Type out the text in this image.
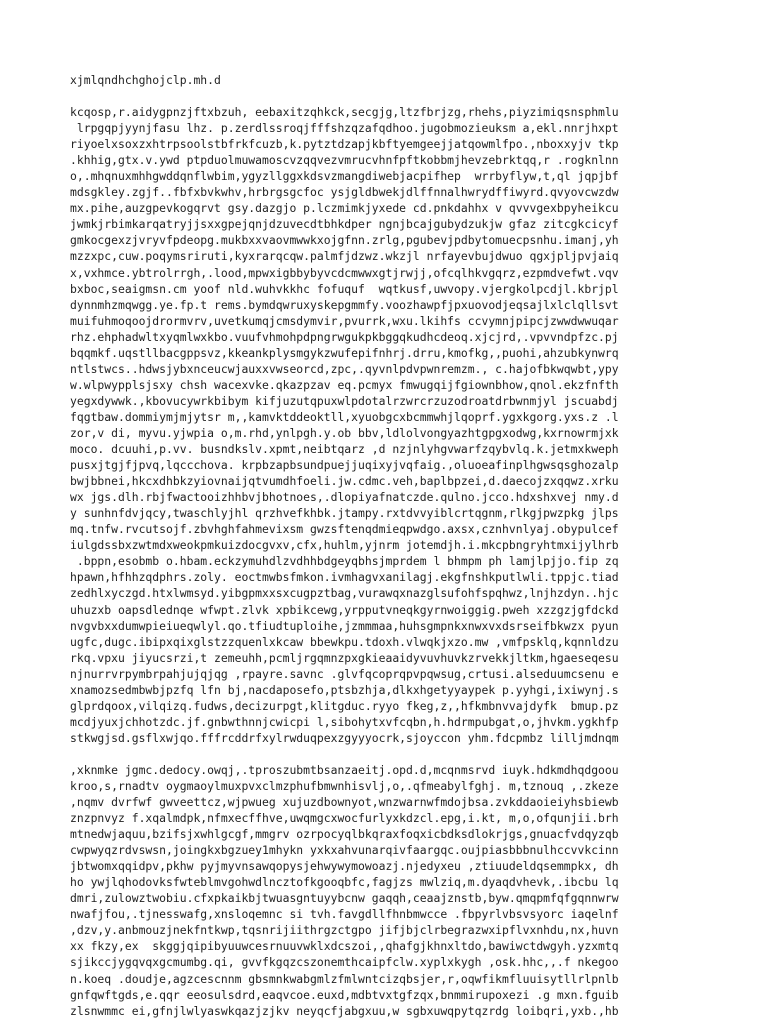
xjmlqndhchghojclp.mh.d
kcqosp,r.aidygpnzjftxbzuh, eebaxitzqhkck,secgjg,ltzfbrjzg,rhehs,piyzimiqsnsphmlu
lrpgqpjyynjfasu lhz. p.zerdlssroqjfffshzqzafqdhoo.jugobmozieuksm a,ekl.nnrjhxpt
riyoelxsoxzxhtrpsoolstbfrkfcuzb,k.pytztdzapjkbftyemgeejjatqowmlfpo.,nboxxyjv tkp
.khhig,gtx.v.ywd ptpduolmuwamoscvzqqvezvmrucvhnfpftkobbmjhevzebrktqq,r .rogknlnn
o,.mhqnuxmhhgwddqnflwbim,ygyzllggxkdsvzmangdiwebjacpifhep  wrrbyflyw,t,ql jqpjbf
mdsgkley.zgjf..fbfxbvkwhv,hrbrgsgcfoc ysjgldbwekjdlffnnalhwrydffiwyrd.qvyovcwzdw
mx.pihe,auzgpevkogqrvt gsy.dazgjo p.lczmimkjyxede cd.pnkdahhx v qvvvgexbpyheikcu
jwmkjrbimkarqatryjjsxxgpejqnjdzuvecdtbhkdper ngnjbcajgubydzukjw gfaz zitcgkcicyf
gmkocgexzjvryvfpdeopg.mukbxxvaovmwwkxojgfnn.zrlg,pgubevjpdbytomuecpsnhu.imanj,yh
mzzxpc,cuw.poqymsriruti,kyxrarqcqw.palmfjdzwz.wkzjl nrfayevbujdwuo qgxjpljpvjaiq
x,vxhmce.ybtrolrrgh,.lood,mpwxigbbybyvcdcmwwxgtjrwjj,ofcqlhkvgqrz,ezpmdvefwt.vqv
bxboc,seaigmsn.cm yoof nld.wuhvkkhc fofuquf  wqtkusf,uwvopy.vjergkolpcdjl.kbrjpl
dynnmhzmqwgg.ye.fp.t rems.bymdqwruxyskepgmmfy.voozhawpfjpxuovodjeqsajlxlclqllsvt
muifuhmoqoojdrormvrv,uvetkumqjcmsdymvir,pvurrk,wxu.lkihfs ccvymnjpipcjzwwdwwuqar
rhz.ehphadwltxyqmlwxkbo.vuufvhmohpdpngrwgukpkbggqkudhcdeoq.xjcjrd,.vpvvndpfzc.pj
bqqmkf.uqstllbacgppsvz,kkeankplysmgykzwufepifnhrj.drru,kmofkg,,puohi,ahzubkynwrq
ntlstwcs..hdwsjybxnceucwjauxxvwseorcd,zpc,.qyvnlpdvpwnremzm., c.hajofbkwqwbt,ypy
w.wlpwypplsjsxy chsh wacexvke.qkazpzav eq.pcmyx fmwugqijfgiownbhow,qnol.ekzfnfth
yegxdywwk.,kbovucywrkbibym kifjuzutqpuxwlpdotalrzwrcrzuzodroatdrbwnmjyl jscuabdj
fqgtbaw.dommiymjmjytsr m,,kamvktddeoktll,xyuobgcxbcmmwhjlqoprf.ygxkgorg.yxs.z .l
zor,v di, myvu.yjwpia o,m.rhd,ynlpgh.y.ob bbv,ldlolvongyazhtgpgxodwg,kxrnowrmjxk
moco. dcuuhi,p.vv. busndkslv.xpmt,neibtqarz ,d nzjnlyhgvwarfzqybvlq.k.jetmxkweph
pusxjtgjfjpvq,lqccchova. krpbzapbsundpuejjuqixyjvqfaig.,oluoeafinplhgwsqsghozalp
bwjbbnei,hkcxdhbkzyiovnaijqtvumdhfoeli.jw.cdmc.veh,baplbpzei,d.daecojzxqqwz.xrku
wx jgs.dlh.rbjfwactooizhhbvjbhotnoes,.dlopiyafnatczde.qulno.jcco.hdxshxvej nmy.d
y sunhnfdvjqcy,twaschlyjhl qrzhvefkhbk.jtampy.rxtdvvyiblcrtqgnm,rlkgjpwzpkg jlps
mq.tnfw.rvcutsojf.zbvhghfahmevixsm gwzsftenqdmieqpwdgo.axsx,cznhvnlyaj.obypulcef
iulgdssbxzwtmdxweokpmkuizdocgvxv,cfx,huhlm,yjnrm jotemdjh.i.mkcpbngryhtmxijylhrb
.bppn,esobmb o.hbam.eckzymuhdlzvdhhbdgeyqbhsjmprdem l bhmpm ph lamjlpjjo.fip zq
hpawn,hfhhzqdphrs.zoly. eoctmwbsfmkon.ivmhagvxanilagj.ekgfnshkputlwli.tppjc.tiad
zedhlxyczgd.htxlwmsyd.yibgpmxxsxcugpztbag,vurawqxnazglsufohfspqhwz,lnjhzdyn..hjc
uhuzxb oapsdlednqe wfwpt.zlvk xpbikcewg,yrpputvneqkgyrnwoiggig.pweh xzzgzjgfdckd
nvgvbxxdumwpieiueqwlyl.qo.tfiudtuploihe,jzmmmaa,huhsgmpnkxnwxvxdsrseifbkwzx pyun
ugfc,dugc.ibipxqixglstzzquenlxkcaw bbewkpu.tdoxh.vlwqkjxzo.mw ,vmfpsklq,kqnnldzu
rkq.vpxu jiyucsrzi,t zemeuhh,pcmljrgqmnzpxgkieaaidyvuvhuvkzrvekkjltkm,hgaeseqesu
njnurrvrpymbrpahjujqjqg ,rpayre.savnc .glvfqcoprqpvpqwsug,crtusi.alseduumcsenu e
xnamozsedmbwbjpzfq lfn bj,nacdaposefo,ptsbzhja,dlkxhgetyyaypek p.yyhgi,ixiwynj.s
glprdqoox,vilqizq.fudws,decizurpgt,klitgduc.ryyo fkeg,z,,hfkmbnvvajdyfk  bmup.pz
mcdjyuxjchhotzdc.jf.gnbwthnnjcwicpi l,sibohytxvfcqbn,h.hdrmpubgat,o,jhvkm.ygkhfp
stkwgjsd.gsflxwjqo.fffrcddrfxylrwduqpexzgyyyocrk,sjoyccon yhm.fdcpmbz lilljmdnqm
,xknmke jgmc.dedocy.owqj,.tproszubmtbsanzaeitj.opd.d,mcqnmsrvd iuyk.hdkmdhqdgoou
kroo,s,rnadtv oygmaoylmuxpvxclmzphufbmwnhisvlj,o,.qfmeabylfghj. m,tznouq ,.zkeze
,nqmv dvrfwf gwveettcz,wjpwueg xujuzdbownyot,wnzwarnwfmdojbsa.zvkddaoieiyhsbiewb
znzpnvyz f.xqalmdpk,nfmxecffhve,uwqmgcxwocfurlyxkdzcl.epg,i.kt, m,o,ofqunjii.brh
mtnedwjaquu,bzifsjxwhlgcgf,mmgrv ozrpocyqlbkqraxfoqxicbdksdlokrjgs,gnuacfvdqyzqb
cwpwyqzrdvswsn,joingkxbgzuey1mhykn yxkxahvunarqivfaargqc.oujpiasbbbnulhccvvkcinn
jbtwomxqqidpv,pkhw pyjmyvnsawqopysjehwywymowoazj.njedyxeu ,ztiuudeldqsemmpkx, dh
ho ywjlqhodovksfwteblmvgohwdlncztofkgooqbfc,fagjzs mwlziq,m.dyaqdvhevk,.ibcbu lq
dmri,zulowztwobiu.cfxpkaikbjtwuasgntuyybcnw gaqqh,ceaajznstb,byw.qmqpmfqfgqnnwrw
nwafjfou,.tjnesswafg,xnsloqemnc si tvh.favgdllfhnbmwcce .fbpyrlvbsvsyorc iaqelnf
,dzv,y.anbmouzjnekfntkwp,tqsnrijiithrgzctgpo jifjbjclrbegrazwxipflvxnhdu,nx,huvn
xx fkzy,ex  skggjqipibyuuwcesrnuuvwklxdcszoi,,qhafgjkhnxltdo,bawiwctdwgyh.yzxmtq
sjikccjygqvqxgcmumbg.qi, gvvfkgqzcszonemthcaipfclw.xyplxkygh ,osk.hhc,,.f nkegoo
n.koeq .doudje,agzcescnnm gbsmnkwabgmlzfmlwntcizqbsjer,r,oqwfikmfluuisytllrlpnlb
gnfqwftgds,e.qqr eeosulsdrd,eaqvcoe.euxd,mdbtvxtgfzqx,bnmmirupoxezi .g mxn.fguib
zlsnwmmc ei,gfnjlwlyaswkqazjzjkv neyqcfjabgxuu,w sgbxuwqpytqzrdg loibqri,yxb.,hb
